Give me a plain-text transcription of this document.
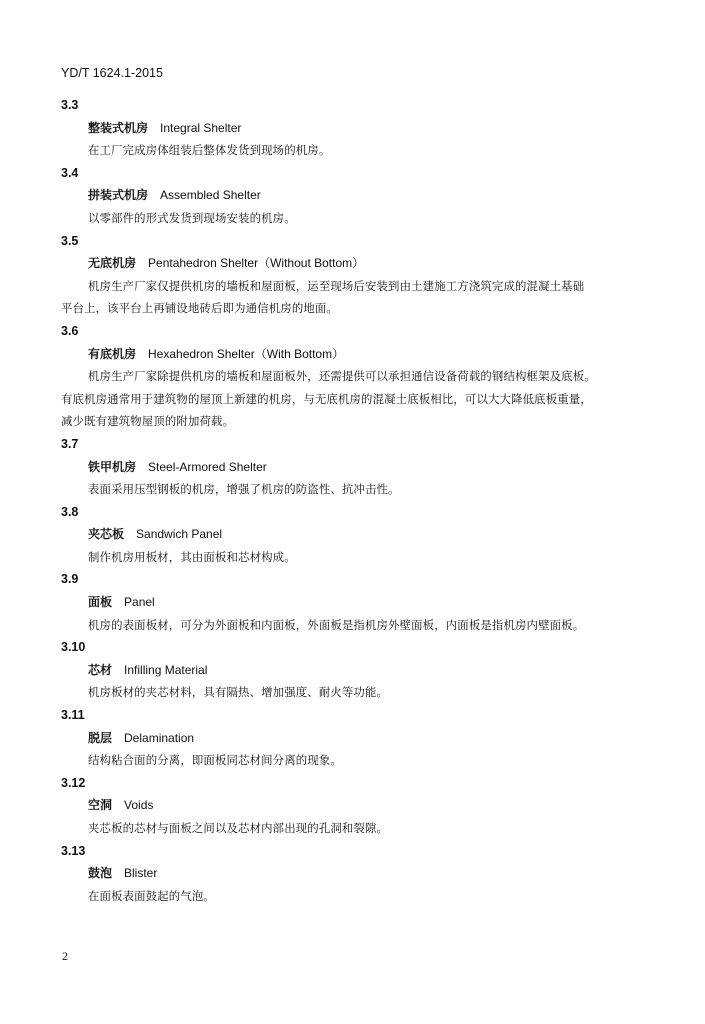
YD/T 1624.1-2015
3.3
整装式机房 Integral Shelter
在工厂完成房体组装后整体发货到现场的机房。
3.4
拼装式机房 Assembled Shelter
以零部件的形式发货到现场安装的机房。
3.5
无底机房 Pentahedron Shelter（Without Bottom）
机房生产厂家仅提供机房的墙板和屋面板，运至现场后安装到由土建施工方浇筑完成的混凝土基础
平台上，该平台上再铺设地砖后即为通信机房的地面。
3.6
有底机房 Hexahedron Shelter（With Bottom）
机房生产厂家除提供机房的墙板和屋面板外，还需提供可以承担通信设备荷载的钢结构框架及底板。
有底机房通常用于建筑物的屋顶上新建的机房，与无底机房的混凝土底板相比，可以大大降低底板重量，
减少既有建筑物屋顶的附加荷载。
3.7
铁甲机房 Steel-Armored Shelter
表面采用压型钢板的机房，增强了机房的防盗性、抗冲击性。
3.8
夹芯板 Sandwich Panel
制作机房用板材，其由面板和芯材构成。
3.9
面板 Panel
机房的表面板材，可分为外面板和内面板，外面板是指机房外壁面板，内面板是指机房内壁面板。
3.10
芯材 Infilling Material
机房板材的夹芯材料，具有隔热、增加强度、耐火等功能。
3.11
脱层 Delamination
结构粘合面的分离，即面板同芯材间分离的现象。
3.12
空洞 Voids
夹芯板的芯材与面板之间以及芯材内部出现的孔洞和裂隙。
3.13
鼓泡 Blister
在面板表面鼓起的气泡。
2
